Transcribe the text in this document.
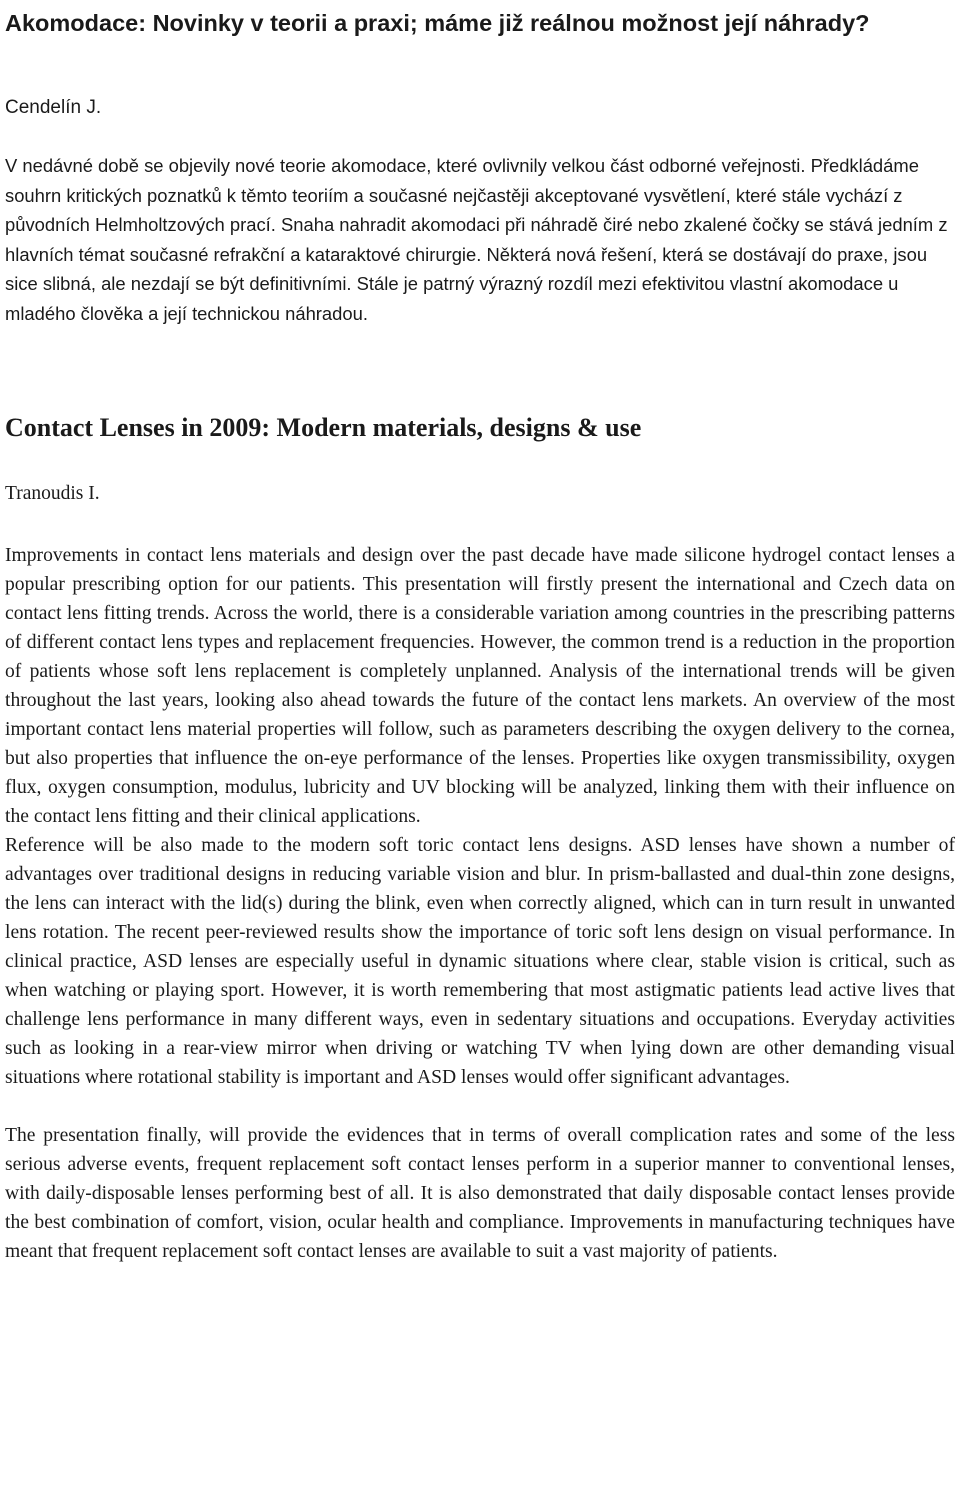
Akomodace: Novinky v teorii a praxi; máme již reálnou možnost její náhrady?

Cendelín J.

V nedávné době se objevily nové teorie akomodace, které ovlivnily velkou část odborné veřejnosti. Předkládáme souhrn kritických poznatků k těmto teoriím a současné nejčastěji akceptované vysvětlení, které stále vychází z původních Helmholtzových prací. Snaha nahradit akomodaci při náhradě čiré nebo zkalené čočky se stává jedním z hlavních témat současné refrakční a kataraktové chirurgie. Některá nová řešení, která se dostávají do praxe, jsou sice slibná, ale nezdají se být definitivními. Stále je patrný výrazný rozdíl mezi efektivitou vlastní akomodace u mladého člověka a její technickou náhradou.

Contact Lenses in 2009: Modern materials, designs & use

Tranoudis I.

Improvements in contact lens materials and design over the past decade have made silicone hydrogel contact lenses a popular prescribing option for our patients. This presentation will firstly present the international and Czech data on contact lens fitting trends. Across the world, there is a considerable variation among countries in the prescribing patterns of different contact lens types and replacement frequencies. However, the common trend is a reduction in the proportion of patients whose soft lens replacement is completely unplanned. Analysis of the international trends will be given throughout the last years, looking also ahead towards the future of the contact lens markets. An overview of the most important contact lens material properties will follow, such as parameters describing the oxygen delivery to the cornea, but also properties that influence the on-eye performance of the lenses. Properties like oxygen transmissibility, oxygen flux, oxygen consumption, modulus, lubricity and UV blocking will be analyzed, linking them with their influence on the contact lens fitting and their clinical applications.

Reference will be also made to the modern soft toric contact lens designs. ASD lenses have shown a number of advantages over traditional designs in reducing variable vision and blur. In prism-ballasted and dual-thin zone designs, the lens can interact with the lid(s) during the blink, even when correctly aligned, which can in turn result in unwanted lens rotation. The recent peer-reviewed results show the importance of toric soft lens design on visual performance. In clinical practice, ASD lenses are especially useful in dynamic situations where clear, stable vision is critical, such as when watching or playing sport. However, it is worth remembering that most astigmatic patients lead active lives that challenge lens performance in many different ways, even in sedentary situations and occupations. Everyday activities such as looking in a rear-view mirror when driving or watching TV when lying down are other demanding visual situations where rotational stability is important and ASD lenses would offer significant advantages.

The presentation finally, will provide the evidences that in terms of overall complication rates and some of the less serious adverse events, frequent replacement soft contact lenses perform in a superior manner to conventional lenses, with daily-disposable lenses performing best of all. It is also demonstrated that daily disposable contact lenses provide the best combination of comfort, vision, ocular health and compliance. Improvements in manufacturing techniques have meant that frequent replacement soft contact lenses are available to suit a vast majority of patients.
